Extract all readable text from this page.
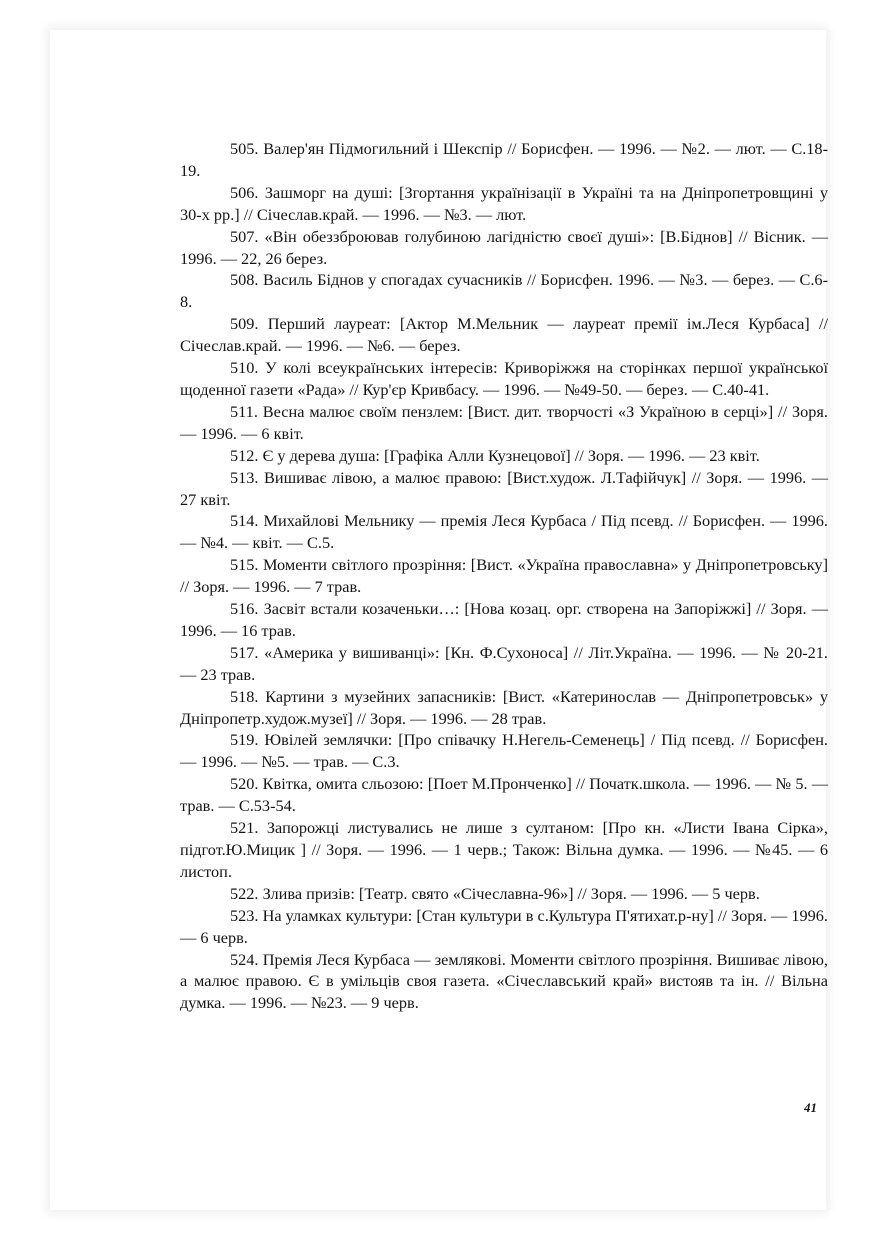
505. Валер'ян Підмогильний і Шекспір // Борисфен. — 1996. — №2. — лют. — С.18-19.

506. Зашморг на душі: [Згортання українізації в Україні та на Дніпропетровщині у 30-х рр.] // Січеслав.край. — 1996. — №3. — лют.

507. «Він обеззброював голубиною лагідністю своєї душі»: [В.Біднов] // Вісник. — 1996. — 22, 26 берез.

508. Василь Біднов у спогадах сучасників // Борисфен. 1996. — №3. — берез. — С.6-8.

509. Перший лауреат: [Актор М.Мельник — лауреат премії ім.Леся Курбаса] // Січеслав.край. — 1996. — №6. — берез.

510. У колі всеукраїнських інтересів: Криворіжжя на сторінках першої української щоденної газети «Рада» // Кур'єр Кривбасу. — 1996. — №49-50. — берез. — С.40-41.

511. Весна малює своїм пензлем: [Вист. дит. творчості «З Україною в серці»] // Зоря. — 1996. — 6 квіт.

512. Є у дерева душа: [Графіка Алли Кузнецової] // Зоря. — 1996. — 23 квіт.

513. Вишиває лівою, а малює правою: [Вист.худож. Л.Тафійчук] // Зоря. — 1996. — 27 квіт.

514. Михайлові Мельнику — премія Леся Курбаса / Під псевд. // Борисфен. — 1996. — №4. — квіт. — С.5.

515. Моменти світлого прозріння: [Вист. «Україна православна» у Дніпропетровську] // Зоря. — 1996. — 7 трав.

516. Засвіт встали козаченьки…: [Нова козац. орг. створена на Запоріжжі] // Зоря. — 1996. — 16 трав.

517. «Америка у вишиванці»: [Кн. Ф.Сухоноса] // Літ.Україна. — 1996. — № 20-21. — 23 трав.

518. Картини з музейних запасників: [Вист. «Катеринослав — Дніпропетровськ» у Дніпропетр.худож.музеї] // Зоря. — 1996. — 28 трав.

519. Ювілей землячки: [Про співачку Н.Негель-Семенець] / Під псевд. // Борисфен. — 1996. — №5. — трав. — С.3.

520. Квітка, омита сльозою: [Поет М.Пронченко] // Початк.школа. — 1996. — № 5. — трав. — С.53-54.

521. Запорожці листувались не лише з султаном: [Про кн. «Листи Івана Сірка», підгот.Ю.Мицик ] // Зоря. — 1996. — 1 черв.; Також: Вільна думка. — 1996. — №45. — 6 листоп.

522. Злива призів: [Театр. свято «Січеславна-96»] // Зоря. — 1996. — 5 черв.

523. На уламках культури: [Стан культури в с.Культура П'ятихат.р-ну] // Зоря. — 1996. — 6 черв.

524. Премія Леся Курбаса — землякові. Моменти світлого прозріння. Вишиває лівою, а малює правою. Є в умільців своя газета. «Січеславський край» вистояв та ін. // Вільна думка. — 1996. — №23. — 9 черв.

41
